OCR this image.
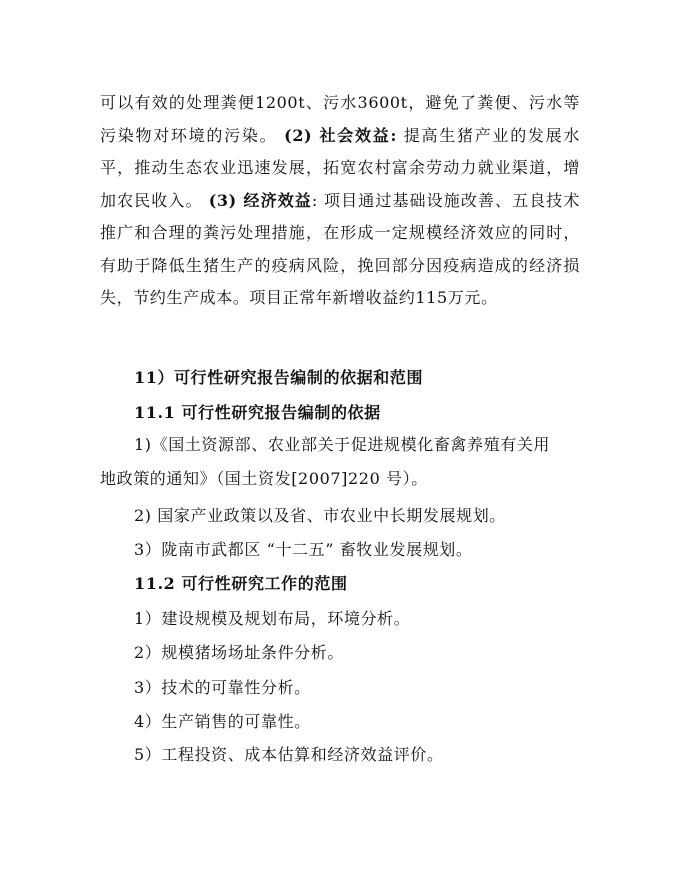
可以有效的处理粪便1200t、污水3600t，避免了粪便、污水等污染物对环境的污染。 (2) 社会效益: 提高生猪产业的发展水平，推动生态农业迅速发展，拓宽农村富余劳动力就业渠道，增加农民收入。 (3) 经济效益: 项目通过基础设施改善、五良技术推广和合理的粪污处理措施，在形成一定规模经济效应的同时，有助于降低生猪生产的疫病风险，挽回部分因疫病造成的经济损失，节约生产成本。项目正常年新增收益约115万元。

11）可行性研究报告编制的依据和范围
11.1 可行性研究报告编制的依据
1)《国土资源部、农业部关于促进规模化畜禽养殖有关用
地政策的通知》（国土资发[2007]220 号）。
2) 国家产业政策以及省、市农业中长期发展规划。
3）陇南市武都区 “十二五” 畜牧业发展规划。
11.2 可行性研究工作的范围
1）建设规模及规划布局，环境分析。
2）规模猪场场址条件分析。
3）技术的可靠性分析。
4）生产销售的可靠性。
5）工程投资、成本估算和经济效益评价。
